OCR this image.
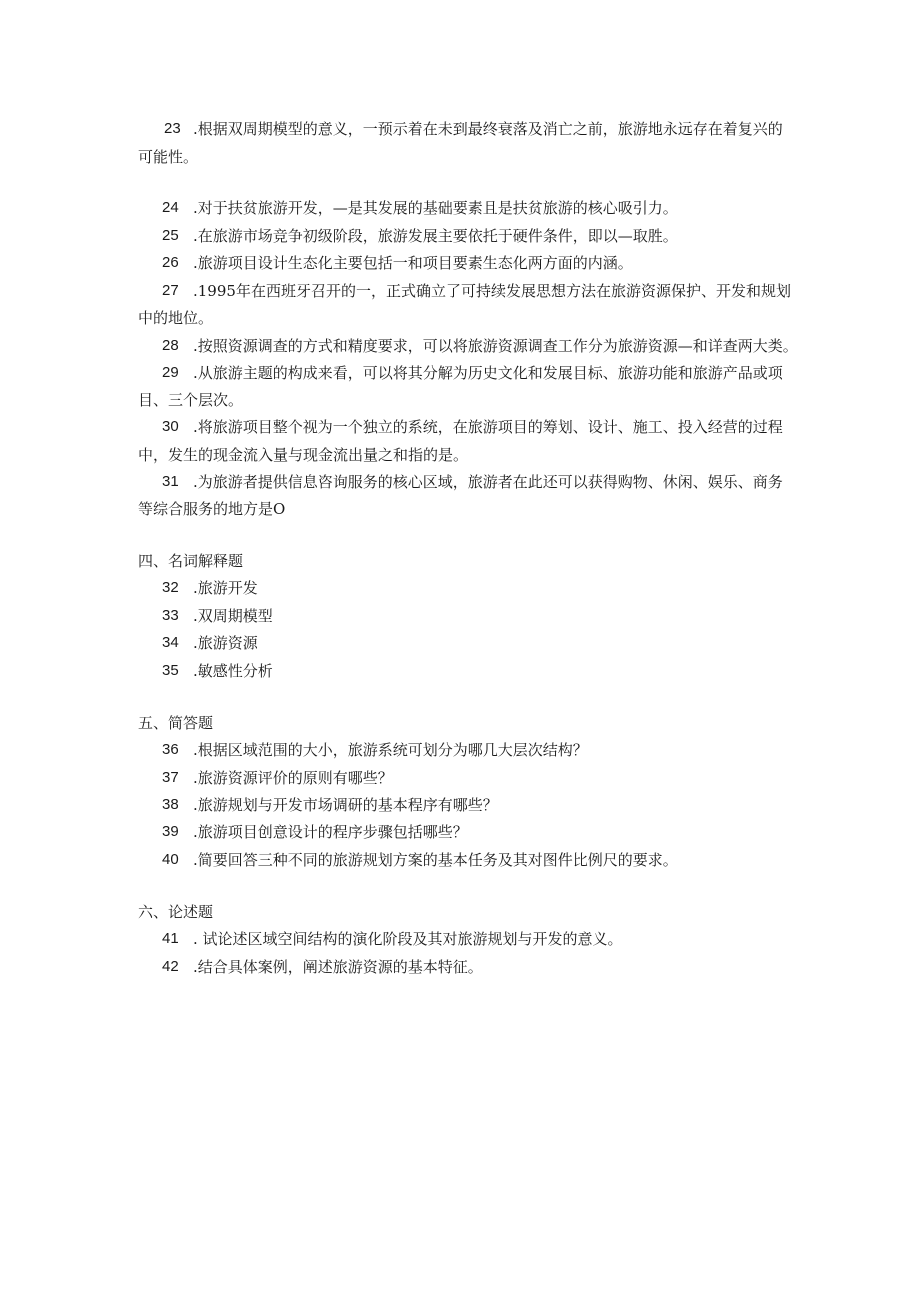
23 .根据双周期模型的意义，一预示着在未到最终衰落及消亡之前，旅游地永远存在着复兴的
可能性。
24 .对于扶贫旅游开发，—是其发展的基础要素且是扶贫旅游的核心吸引力。
25 .在旅游市场竞争初级阶段，旅游发展主要依托于硬件条件，即以—取胜。
26 .旅游项目设计生态化主要包括一和项目要素生态化两方面的内涵。
27 .1995年在西班牙召开的一，正式确立了可持续发展思想方法在旅游资源保护、开发和规划
中的地位。
28 .按照资源调查的方式和精度要求，可以将旅游资源调查工作分为旅游资源—和详查两大类。
29 .从旅游主题的构成来看，可以将其分解为历史文化和发展目标、旅游功能和旅游产品或项
目、三个层次。
30 .将旅游项目整个视为一个独立的系统，在旅游项目的筹划、设计、施工、投入经营的过程
中，发生的现金流入量与现金流出量之和指的是。
31 .为旅游者提供信息咨询服务的核心区域，旅游者在此还可以获得购物、休闲、娱乐、商务
等综合服务的地方是O
四、名词解释题
32 .旅游开发
33 .双周期模型
34 .旅游资源
35 .敏感性分析
五、简答题
36 .根据区域范围的大小，旅游系统可划分为哪几大层次结构？
37 .旅游资源评价的原则有哪些？
38 .旅游规划与开发市场调研的基本程序有哪些？
39 .旅游项目创意设计的程序步骤包括哪些？
40 .简要回答三种不同的旅游规划方案的基本任务及其对图件比例尺的要求。
六、论述题
41 . 试论述区域空间结构的演化阶段及其对旅游规划与开发的意义。
42 .结合具体案例，阐述旅游资源的基本特征。
